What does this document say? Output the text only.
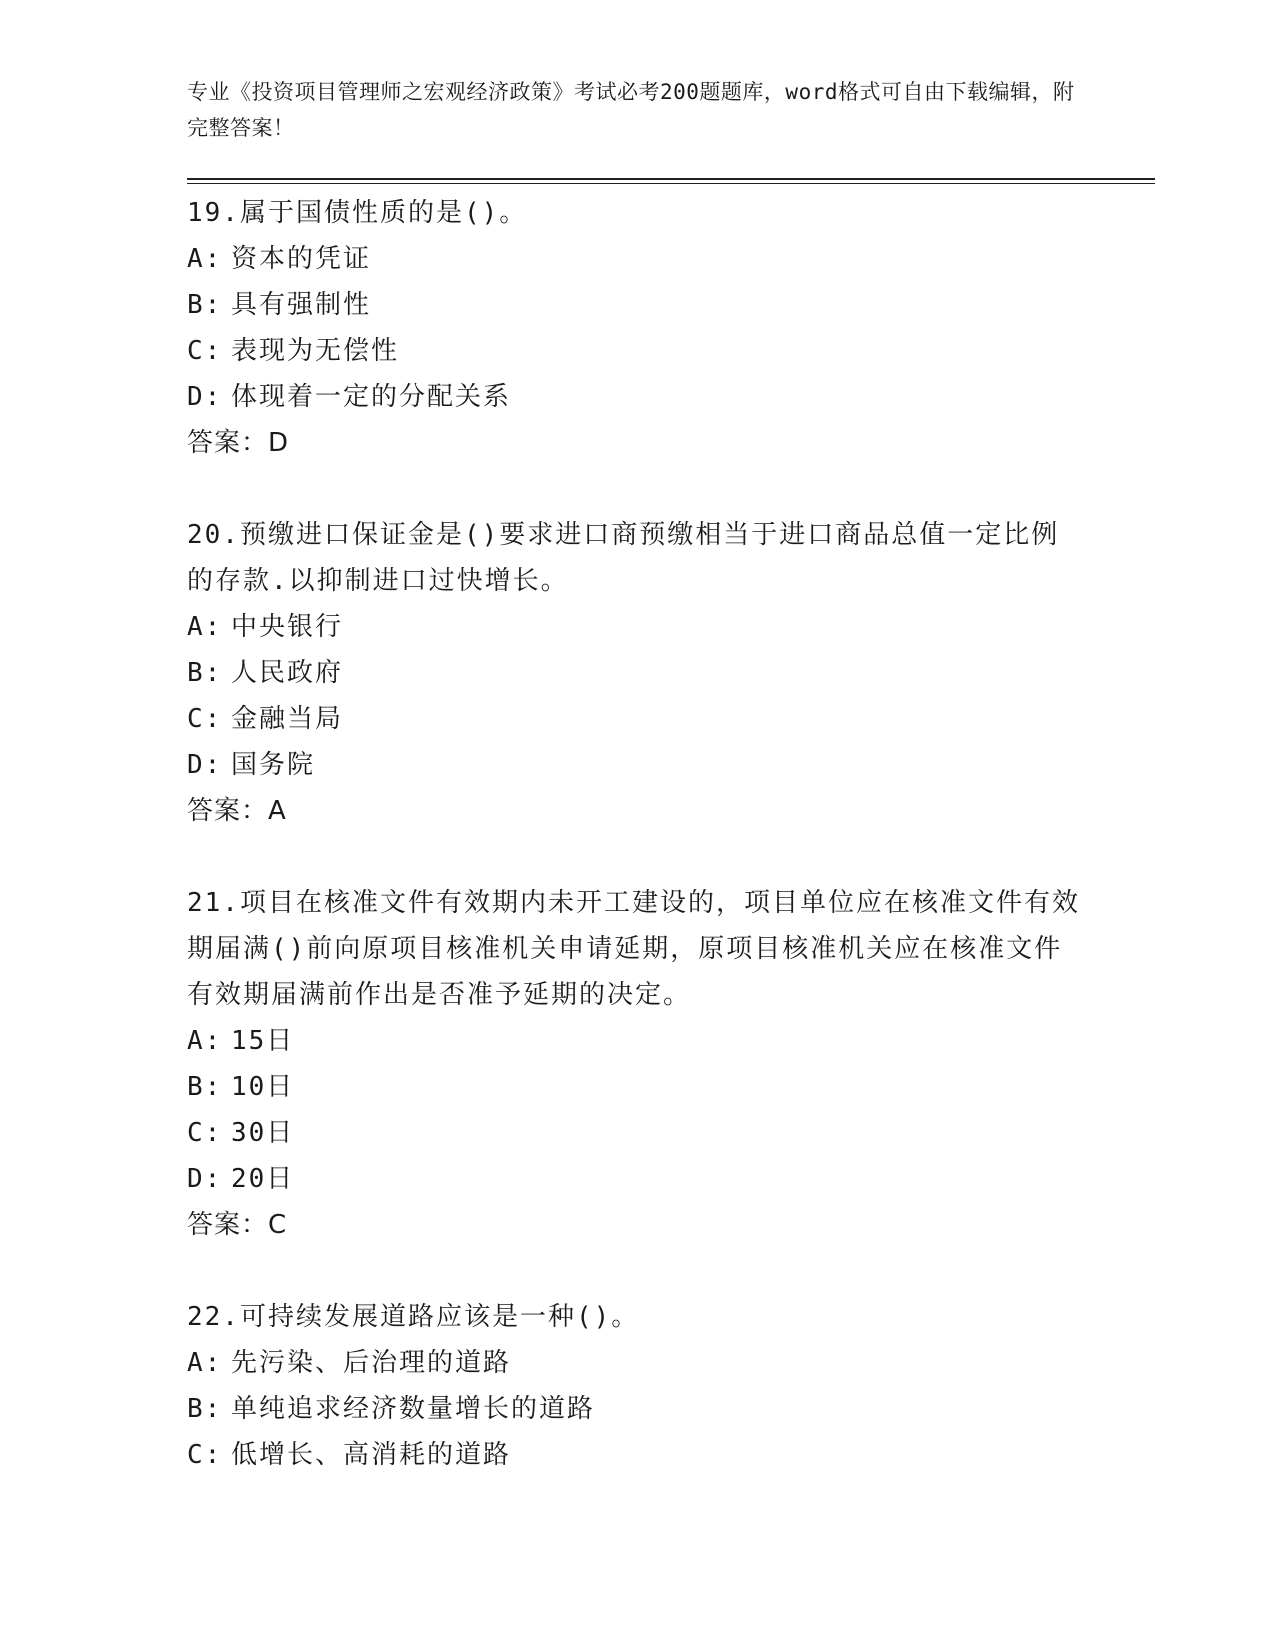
专业《投资项目管理师之宏观经济政策》考试必考200题题库，word格式可自由下载编辑，附完整答案！
19.属于国债性质的是()。
A: 资本的凭证
B: 具有强制性
C: 表现为无偿性
D: 体现着一定的分配关系
答案：D
20.预缴进口保证金是()要求进口商预缴相当于进口商品总值一定比例的存款.以抑制进口过快增长。
A: 中央银行
B: 人民政府
C: 金融当局
D: 国务院
答案：A
21.项目在核准文件有效期内未开工建设的，项目单位应在核准文件有效期届满()前向原项目核准机关申请延期，原项目核准机关应在核准文件有效期届满前作出是否准予延期的决定。
A: 15日
B: 10日
C: 30日
D: 20日
答案：C
22.可持续发展道路应该是一种()。
A: 先污染、后治理的道路
B: 单纯追求经济数量增长的道路
C: 低增长、高消耗的道路
